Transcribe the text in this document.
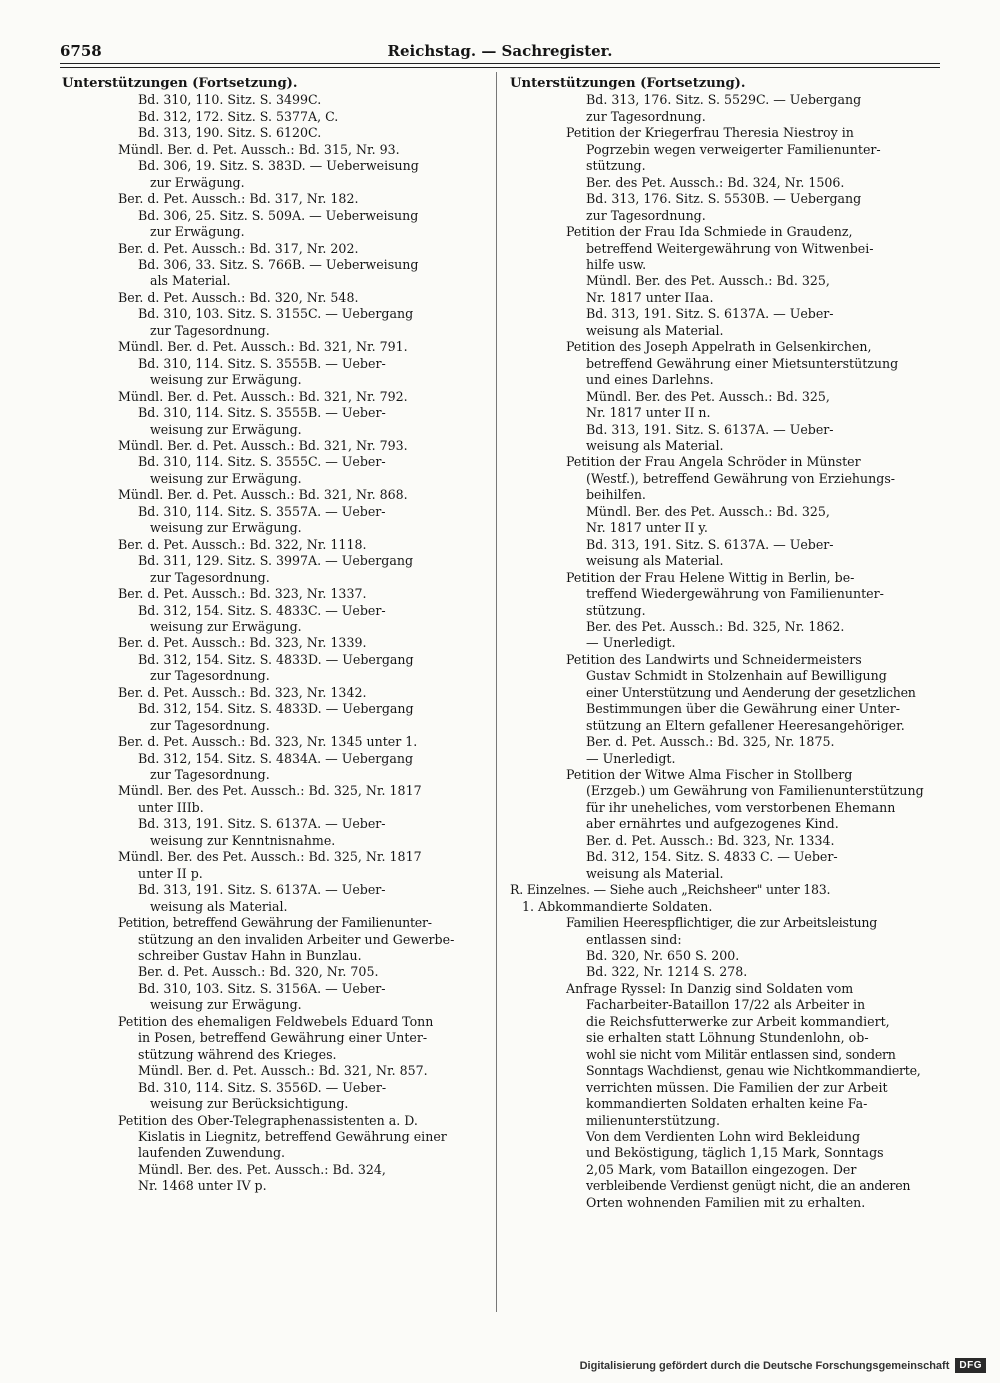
6758	Reichstag. — Sachregister.
Unterstützungen (Fortsetzung).
Bd. 310, 110. Sitz. S. 3499C.
Bd. 312, 172. Sitz. S. 5377A, C.
Bd. 313, 190. Sitz. S. 6120C.
Mündl. Ber. d. Pet. Aussch.: Bd. 315, Nr. 93.
Bd. 306, 19. Sitz. S. 383D. — Ueberweisung
zur Erwägung.
Ber. d. Pet. Aussch.: Bd. 317, Nr. 182.
Bd. 306, 25. Sitz. S. 509A. — Ueberweisung
zur Erwägung.
Ber. d. Pet. Aussch.: Bd. 317, Nr. 202.
Bd. 306, 33. Sitz. S. 766B. — Ueberweisung
als Material.
Ber. d. Pet. Aussch.: Bd. 320, Nr. 548.
Bd. 310, 103. Sitz. S. 3155C. — Uebergang
zur Tagesordnung.
Mündl. Ber. d. Pet. Aussch.: Bd. 321, Nr. 791.
Bd. 310, 114. Sitz. S. 3555B. — Ueber-
weisung zur Erwägung.
Mündl. Ber. d. Pet. Aussch.: Bd. 321, Nr. 792.
Bd. 310, 114. Sitz. S. 3555B. — Ueber-
weisung zur Erwägung.
Mündl. Ber. d. Pet. Aussch.: Bd. 321, Nr. 793.
Bd. 310, 114. Sitz. S. 3555C. — Ueber-
weisung zur Erwägung.
Mündl. Ber. d. Pet. Aussch.: Bd. 321, Nr. 868.
Bd. 310, 114. Sitz. S. 3557A. — Ueber-
weisung zur Erwägung.
Ber. d. Pet. Aussch.: Bd. 322, Nr. 1118.
Bd. 311, 129. Sitz. S. 3997A. — Uebergang
zur Tagesordnung.
Ber. d. Pet. Aussch.: Bd. 323, Nr. 1337.
Bd. 312, 154. Sitz. S. 4833C. — Ueber-
weisung zur Erwägung.
Ber. d. Pet. Aussch.: Bd. 323, Nr. 1339.
Bd. 312, 154. Sitz. S. 4833D. — Uebergang
zur Tagesordnung.
Ber. d. Pet. Aussch.: Bd. 323, Nr. 1342.
Bd. 312, 154. Sitz. S. 4833D. — Uebergang
zur Tagesordnung.
Ber. d. Pet. Aussch.: Bd. 323, Nr. 1345 unter 1.
Bd. 312, 154. Sitz. S. 4834A. — Uebergang
zur Tagesordnung.
Mündl. Ber. des Pet. Aussch.: Bd. 325, Nr. 1817
unter IIIb.
Bd. 313, 191. Sitz. S. 6137A. — Ueber-
weisung zur Kenntnisnahme.
Mündl. Ber. des Pet. Aussch.: Bd. 325, Nr. 1817
unter II p.
Bd. 313, 191. Sitz. S. 6137A. — Ueber-
weisung als Material.
Petition, betreffend Gewährung der Familienunter-
stützung an den invaliden Arbeiter und Gewerbe-
schreiber Gustav Hahn in Bunzlau.
Ber. d. Pet. Aussch.: Bd. 320, Nr. 705.
Bd. 310, 103. Sitz. S. 3156A. — Ueber-
weisung zur Erwägung.
Petition des ehemaligen Feldwebels Eduard Tonn
in Posen, betreffend Gewährung einer Unter-
stützung während des Krieges.
Mündl. Ber. d. Pet. Aussch.: Bd. 321, Nr. 857.
Bd. 310, 114. Sitz. S. 3556D. — Ueber-
weisung zur Berücksichtigung.
Petition des Ober-Telegraphenassistenten a. D.
Kislatis in Liegnitz, betreffend Gewährung einer
laufenden Zuwendung.
Mündl. Ber. des. Pet. Aussch.: Bd. 324,
Nr. 1468 unter IV p.
Unterstützungen (Fortsetzung).
Bd. 313, 176. Sitz. S. 5529C. — Uebergang
zur Tagesordnung.
Petition der Kriegerfrau Theresia Niestroy in
Pogrzebin wegen verweigerter Familienunter-
stützung.
Ber. des Pet. Aussch.: Bd. 324, Nr. 1506.
Bd. 313, 176. Sitz. S. 5530B. — Uebergang
zur Tagesordnung.
Petition der Frau Ida Schmiede in Graudenz,
betreffend Weitergewährung von Witwenbei-
hilfe usw.
Mündl. Ber. des Pet. Aussch.: Bd. 325,
Nr. 1817 unter IIaa.
Bd. 313, 191. Sitz. S. 6137A. — Ueber-
weisung als Material.
Petition des Joseph Appelrath in Gelsenkirchen,
betreffend Gewährung einer Mietsunterstützung
und eines Darlehns.
Mündl. Ber. des Pet. Aussch.: Bd. 325,
Nr. 1817 unter II n.
Bd. 313, 191. Sitz. S. 6137A. — Ueber-
weisung als Material.
Petition der Frau Angela Schröder in Münster
(Westf.), betreffend Gewährung von Erziehungs-
beihilfen.
Mündl. Ber. des Pet. Aussch.: Bd. 325,
Nr. 1817 unter II y.
Bd. 313, 191. Sitz. S. 6137A. — Ueber-
weisung als Material.
Petition der Frau Helene Wittig in Berlin, be-
treffend Wiedergewährung von Familienunter-
stützung.
Ber. des Pet. Aussch.: Bd. 325, Nr. 1862.
— Unerledigt.
Petition des Landwirts und Schneidermeisters
Gustav Schmidt in Stolzenhain auf Bewilligung
einer Unterstützung und Aenderung der gesetzlichen
Bestimmungen über die Gewährung einer Unter-
stützung an Eltern gefallener Heeresangehöriger.
Ber. d. Pet. Aussch.: Bd. 325, Nr. 1875.
— Unerledigt.
Petition der Witwe Alma Fischer in Stollberg
(Erzgeb.) um Gewährung von Familienunterstützung
für ihr uneheliches, vom verstorbenen Ehemann
aber ernährtes und aufgezogenes Kind.
Ber. d. Pet. Aussch.: Bd. 323, Nr. 1334.
Bd. 312, 154. Sitz. S. 4833 C. — Ueber-
weisung als Material.
R. Einzelnes. — Siehe auch „Reichsheer" unter 183.
1. Abkommandierte Soldaten.
Familien Heerespflichtiger, die zur Arbeitsleistung
entlassen sind:
Bd. 320, Nr. 650 S. 200.
Bd. 322, Nr. 1214 S. 278.
Anfrage Ryssel: In Danzig sind Soldaten vom
Facharbeiter-Bataillon 17/22 als Arbeiter in
die Reichsfutterwerke zur Arbeit kommandiert,
sie erhalten statt Löhnung Stundenlohn, ob-
wohl sie nicht vom Militär entlassen sind, sondern
Sonntags Wachdienst, genau wie Nichtkommandierte,
verrichten müssen. Die Familien der zur Arbeit
kommandierten Soldaten erhalten keine Fa-
milienunterstützung.
Von dem Verdienten Lohn wird Bekleidung
und Beköstigung, täglich 1,15 Mark, Sonntags
2,05 Mark, vom Bataillon eingezogen. Der
verbleibende Verdienst genügt nicht, die an anderen
Orten wohnenden Familien mit zu erhalten.
Digitalisierung gefördert durch die Deutsche Forschungsgemeinschaft	DFG
